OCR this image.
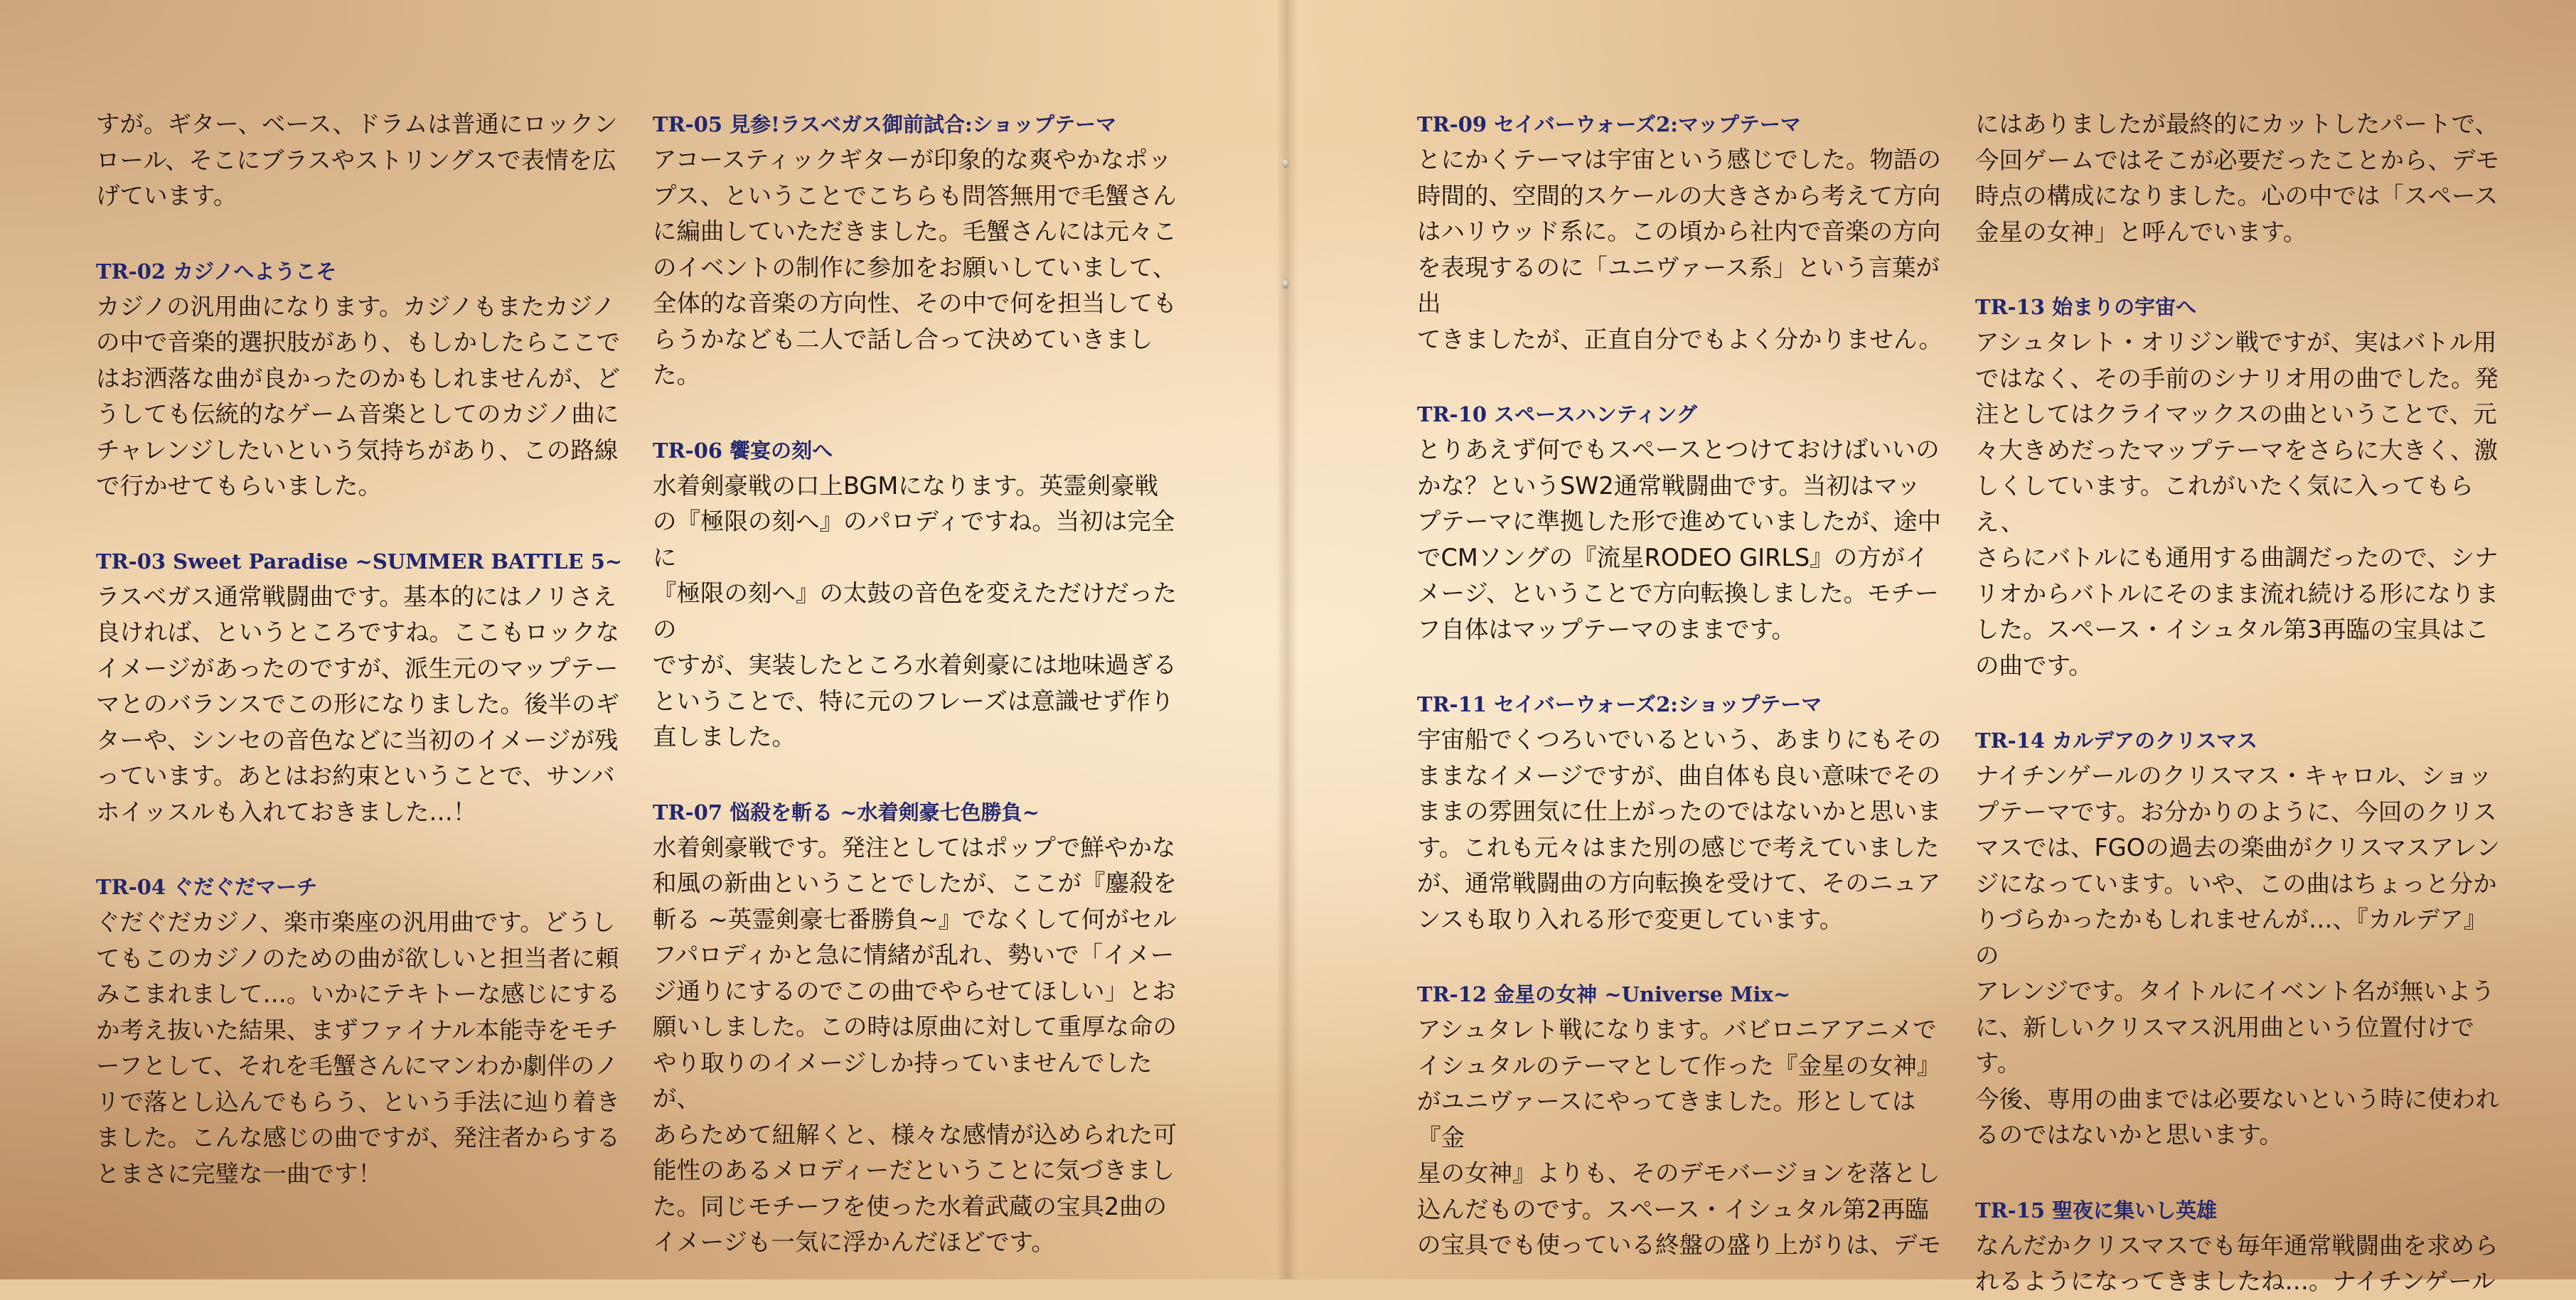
すが。ギター、ベース、ドラムは普通にロックン
ロール、そこにブラスやストリングスで表情を広
げています。

TR-02 カジノへようこそ

カジノの汎用曲になります。カジノもまたカジノ
の中で音楽的選択肢があり、もしかしたらここで
はお洒落な曲が良かったのかもしれませんが、ど
うしても伝統的なゲーム音楽としてのカジノ曲に
チャレンジしたいという気持ちがあり、この路線
で行かせてもらいました。

TR-03 Sweet Paradise ~SUMMER BATTLE 5~

ラスベガス通常戦闘曲です。基本的にはノリさえ
良ければ、というところですね。ここもロックな
イメージがあったのですが、派生元のマップテー
マとのバランスでこの形になりました。後半のギ
ターや、シンセの音色などに当初のイメージが残
っています。あとはお約束ということで、サンバ
ホイッスルも入れておきました…！

TR-04 ぐだぐだマーチ

ぐだぐだカジノ、楽市楽座の汎用曲です。どうし
てもこのカジノのための曲が欲しいと担当者に頼
みこまれまして…。いかにテキトーな感じにする
か考え抜いた結果、まずファイナル本能寺をモチ
ーフとして、それを毛蟹さんにマンわか劇伴のノ
リで落とし込んでもらう、という手法に辿り着き
ました。こんな感じの曲ですが、発注者からする
とまさに完璧な一曲です！

TR-05 見参!ラスベガス御前試合:ショップテーマ

アコースティックギターが印象的な爽やかなポッ
プス、ということでこちらも問答無用で毛蟹さん
に編曲していただきました。毛蟹さんには元々こ
のイベントの制作に参加をお願いしていまして、
全体的な音楽の方向性、その中で何を担当しても
らうかなども二人で話し合って決めていきました。

TR-06 饗宴の刻へ

水着剣豪戦の口上BGMになります。英霊剣豪戦
の『極限の刻へ』のパロディですね。当初は完全に
『極限の刻へ』の太鼓の音色を変えただけだったの
ですが、実装したところ水着剣豪には地味過ぎる
ということで、特に元のフレーズは意識せず作り
直しました。

TR-07 悩殺を斬る ~水着剣豪七色勝負~

水着剣豪戦です。発注としてはポップで鮮やかな
和風の新曲ということでしたが、ここが『鏖殺を
斬る ~英霊剣豪七番勝負~』でなくして何がセル
フパロディかと急に情緒が乱れ、勢いで「イメー
ジ通りにするのでこの曲でやらせてほしい」とお
願いしました。この時は原曲に対して重厚な命の
やり取りのイメージしか持っていませんでしたが、
あらためて紐解くと、様々な感情が込められた可
能性のあるメロディーだということに気づきまし
た。同じモチーフを使った水着武蔵の宝具2曲の
イメージも一気に浮かんだほどです。

TR-09 セイバーウォーズ2:マップテーマ

とにかくテーマは宇宙という感じでした。物語の
時間的、空間的スケールの大きさから考えて方向
はハリウッド系に。この頃から社内で音楽の方向
を表現するのに「ユニヴァース系」という言葉が出
てきましたが、正直自分でもよく分かりません。

TR-10 スペースハンティング

とりあえず何でもスペースとつけておけばいいの
かな？というSW2通常戦闘曲です。当初はマッ
プテーマに準拠した形で進めていましたが、途中
でCMソングの『流星RODEO GIRLS』の方がイ
メージ、ということで方向転換しました。モチー
フ自体はマップテーマのままです。

TR-11 セイバーウォーズ2:ショップテーマ

宇宙船でくつろいでいるという、あまりにもその
ままなイメージですが、曲自体も良い意味でその
ままの雰囲気に仕上がったのではないかと思いま
す。これも元々はまた別の感じで考えていました
が、通常戦闘曲の方向転換を受けて、そのニュア
ンスも取り入れる形で変更しています。

TR-12 金星の女神 ~Universe Mix~

アシュタレト戦になります。バビロニアアニメで
イシュタルのテーマとして作った『金星の女神』
がユニヴァースにやってきました。形としては『金
星の女神』よりも、そのデモバージョンを落とし
込んだものです。スペース・イシュタル第2再臨
の宝具でも使っている終盤の盛り上がりは、デモ

にはありましたが最終的にカットしたパートで、
今回ゲームではそこが必要だったことから、デモ
時点の構成になりました。心の中では「スペース
金星の女神」と呼んでいます。

TR-13 始まりの宇宙へ

アシュタレト・オリジン戦ですが、実はバトル用
ではなく、その手前のシナリオ用の曲でした。発
注としてはクライマックスの曲ということで、元
々大きめだったマップテーマをさらに大きく、激
しくしています。これがいたく気に入ってもらえ、
さらにバトルにも通用する曲調だったので、シナ
リオからバトルにそのまま流れ続ける形になりま
した。スペース・イシュタル第3再臨の宝具はこ
の曲です。

TR-14 カルデアのクリスマス

ナイチンゲールのクリスマス・キャロル、ショッ
プテーマです。お分かりのように、今回のクリス
マスでは、FGOの過去の楽曲がクリスマスアレン
ジになっています。いや、この曲はちょっと分か
りづらかったかもしれませんが…、『カルデア』の
アレンジです。タイトルにイベント名が無いよう
に、新しいクリスマス汎用曲という位置付けです。
今後、専用の曲までは必要ないという時に使われ
るのではないかと思います。

TR-15 聖夜に集いし英雄

なんだかクリスマスでも毎年通常戦闘曲を求めら
れるようになってきましたね…。ナイチンゲール
